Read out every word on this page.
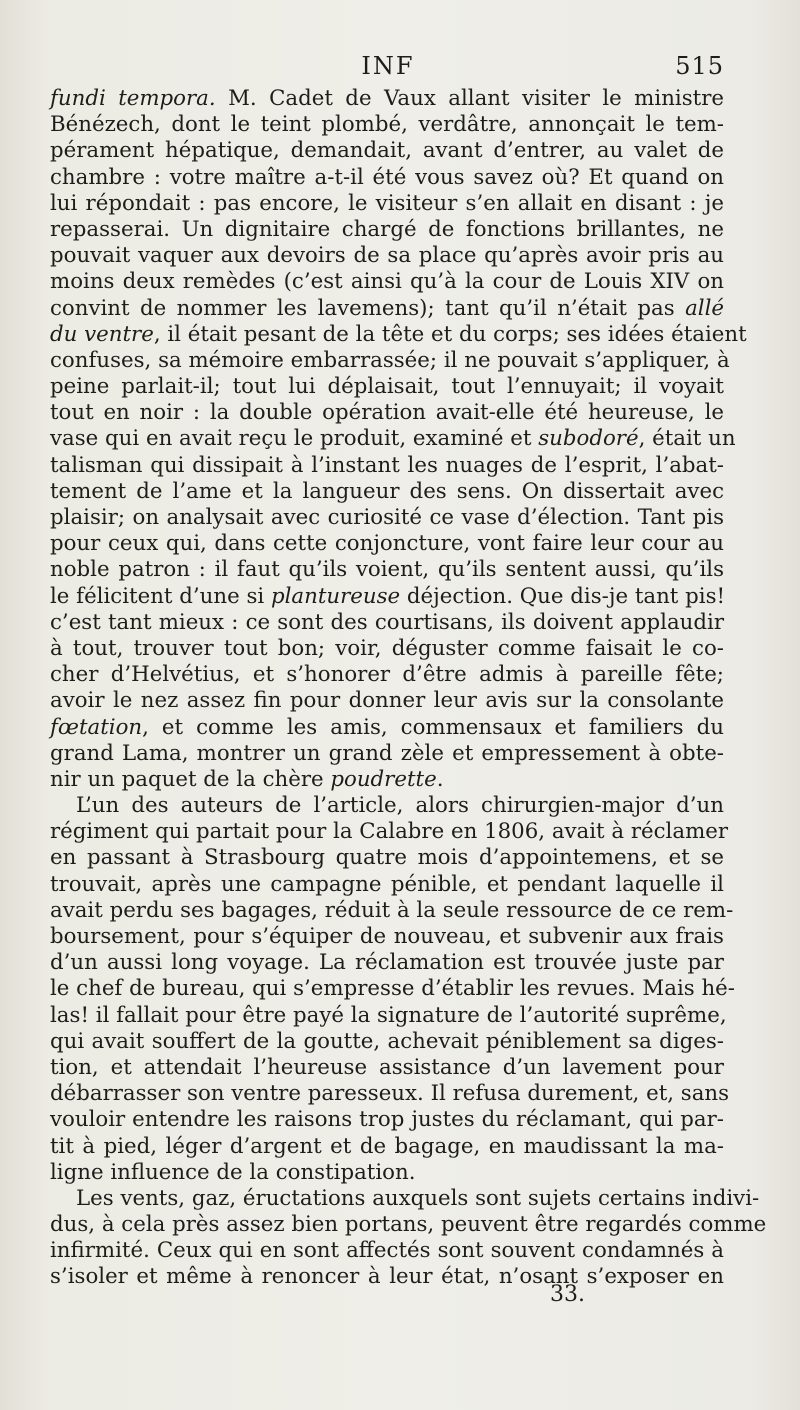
INF	515
fundi tempora. M. Cadet de Vaux allant visiter le ministre
Bénézech, dont le teint plombé, verdâtre, annonçait le tem-
pérament hépatique, demandait, avant d’entrer, au valet de
chambre : votre maître a-t-il été vous savez où? Et quand on
lui répondait : pas encore, le visiteur s’en allait en disant : je
repasserai. Un dignitaire chargé de fonctions brillantes, ne
pouvait vaquer aux devoirs de sa place qu’après avoir pris au
moins deux remèdes (c’est ainsi qu’à la cour de Louis XIV on
convint de nommer les lavemens); tant qu’il n’était pas allé
du ventre, il était pesant de la tête et du corps; ses idées étaient
confuses, sa mémoire embarrassée; il ne pouvait s’appliquer, à
peine parlait-il; tout lui déplaisait, tout l’ennuyait; il voyait
tout en noir : la double opération avait-elle été heureuse, le
vase qui en avait reçu le produit, examiné et subodoré, était un
talisman qui dissipait à l’instant les nuages de l’esprit, l’abat-
tement de l’ame et la langueur des sens. On dissertait avec
plaisir; on analysait avec curiosité ce vase d’élection. Tant pis
pour ceux qui, dans cette conjoncture, vont faire leur cour au
noble patron : il faut qu’ils voient, qu’ils sentent aussi, qu’ils
le félicitent d’une si plantureuse déjection. Que dis-je tant pis!
c’est tant mieux : ce sont des courtisans, ils doivent applaudir
à tout, trouver tout bon; voir, déguster comme faisait le co-
cher d’Helvétius, et s’honorer d’être admis à pareille fête;
avoir le nez assez fin pour donner leur avis sur la consolante
fœtation, et comme les amis, commensaux et familiers du
grand Lama, montrer un grand zèle et empressement à obte-
nir un paquet de la chère poudrette.
L’un des auteurs de l’article, alors chirurgien-major d’un
régiment qui partait pour la Calabre en 1806, avait à réclamer
en passant à Strasbourg quatre mois d’appointemens, et se
trouvait, après une campagne pénible, et pendant laquelle il
avait perdu ses bagages, réduit à la seule ressource de ce rem-
boursement, pour s’équiper de nouveau, et subvenir aux frais
d’un aussi long voyage. La réclamation est trouvée juste par
le chef de bureau, qui s’empresse d’établir les revues. Mais hé-
las! il fallait pour être payé la signature de l’autorité suprême,
qui avait souffert de la goutte, achevait péniblement sa diges-
tion, et attendait l’heureuse assistance d’un lavement pour
débarrasser son ventre paresseux. Il refusa durement, et, sans
vouloir entendre les raisons trop justes du réclamant, qui par-
tit à pied, léger d’argent et de bagage, en maudissant la ma-
ligne influence de la constipation.
Les vents, gaz, éructations auxquels sont sujets certains indivi-
dus, à cela près assez bien portans, peuvent être regardés comme
infirmité. Ceux qui en sont affectés sont souvent condamnés à
s’isoler et même à renoncer à leur état, n’osant s’exposer en
33.
